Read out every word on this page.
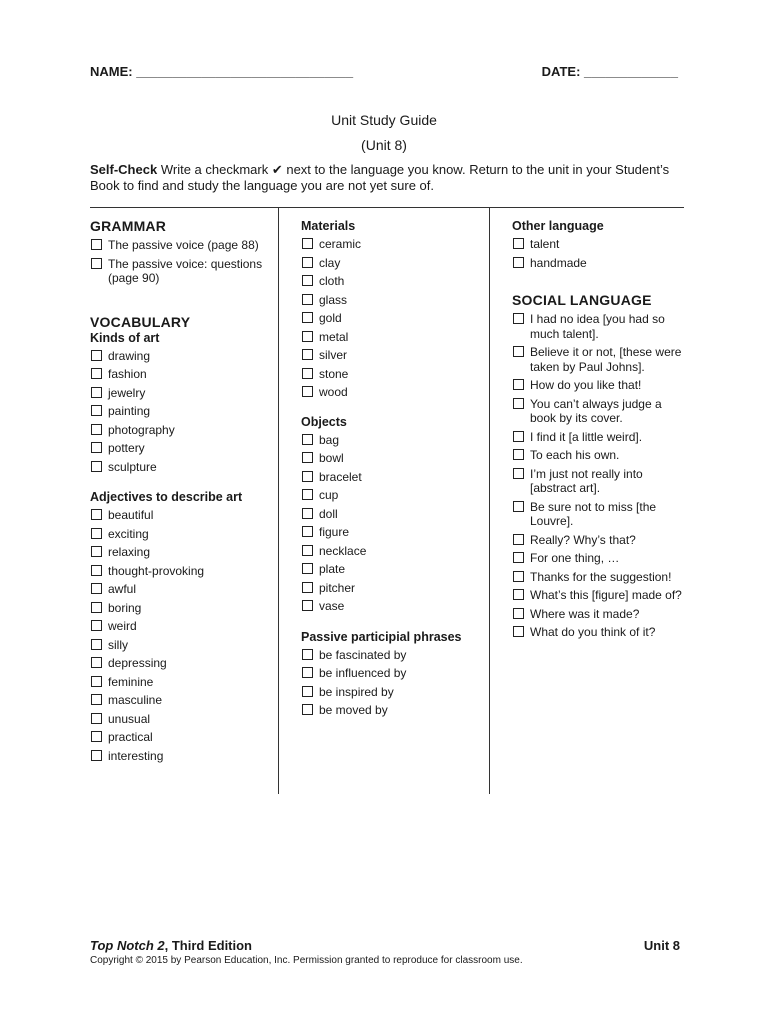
NAME: ______________________________	DATE: _____________
Unit Study Guide
(Unit 8)
Self-Check Write a checkmark ✔ next to the language you know. Return to the unit in your Student’s Book to find and study the language you are not yet sure of.
GRAMMAR
The passive voice (page 88)
The passive voice: questions (page 90)
VOCABULARY
Kinds of art
drawing
fashion
jewelry
painting
photography
pottery
sculpture
Adjectives to describe art
beautiful
exciting
relaxing
thought-provoking
awful
boring
weird
silly
depressing
feminine
masculine
unusual
practical
interesting
Materials
ceramic
clay
cloth
glass
gold
metal
silver
stone
wood
Objects
bag
bowl
bracelet
cup
doll
figure
necklace
plate
pitcher
vase
Passive participial phrases
be fascinated by
be influenced by
be inspired by
be moved by
Other language
talent
handmade
SOCIAL LANGUAGE
I had no idea [you had so much talent].
Believe it or not, [these were taken by Paul Johns].
How do you like that!
You can’t always judge a book by its cover.
I find it [a little weird].
To each his own.
I’m just not really into [abstract art].
Be sure not to miss [the Louvre].
Really? Why’s that?
For one thing, …
Thanks for the suggestion!
What’s this [figure] made of?
Where was it made?
What do you think of it?
Top Notch 2, Third Edition	Unit 8
Copyright © 2015 by Pearson Education, Inc. Permission granted to reproduce for classroom use.
